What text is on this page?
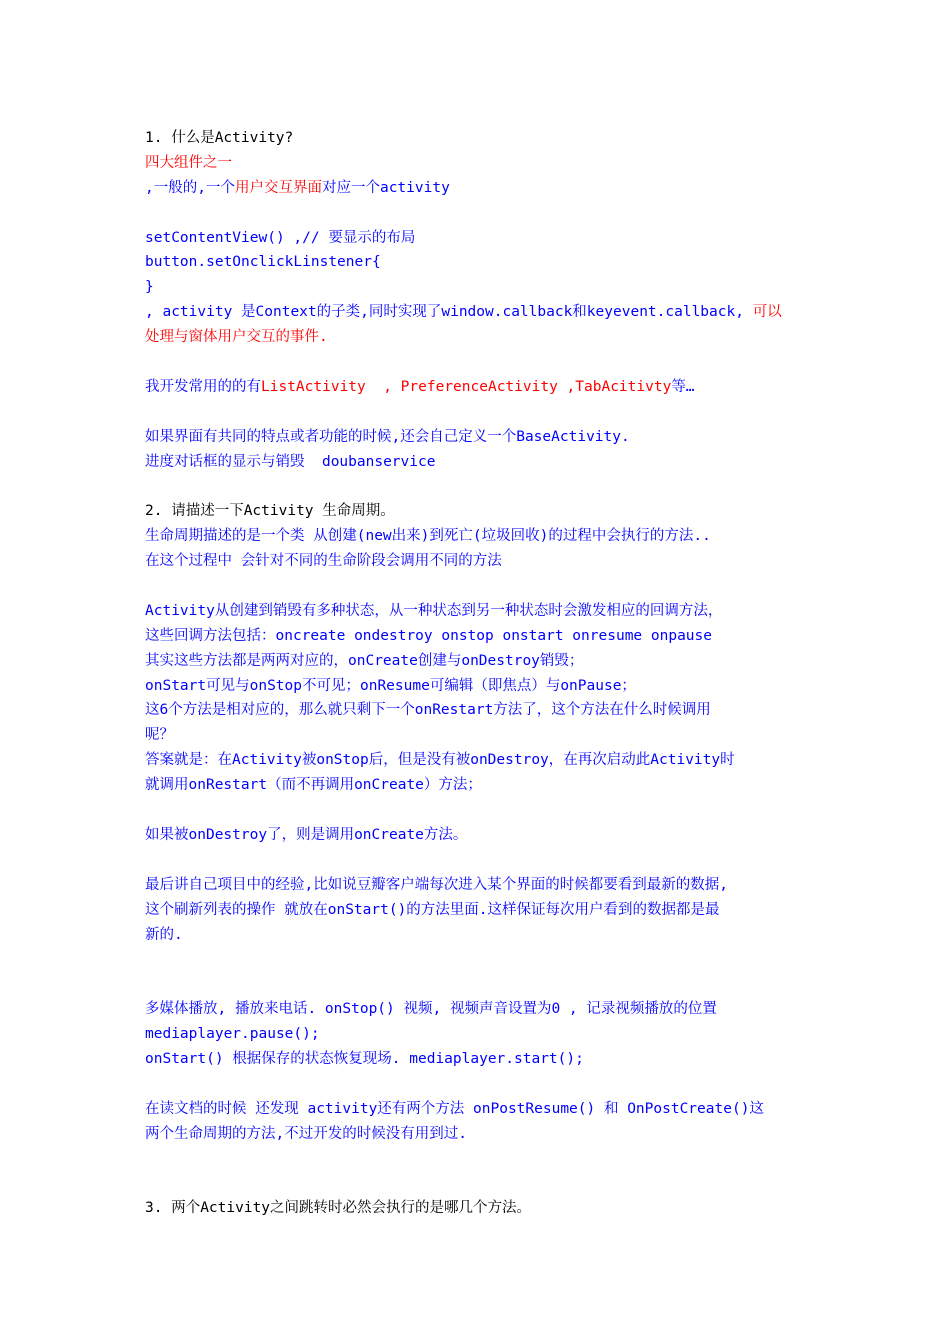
1. 什么是Activity?
四大组件之一
,一般的,一个用户交互界面对应一个activity
setContentView() ,// 要显示的布局
button.setOnclickLinstener{
}
, activity 是Context的子类,同时实现了window.callback和keyevent.callback, 可以
处理与窗体用户交互的事件.
我开发常用的的有ListActivity  , PreferenceActivity ,TabAcitivty等…
如果界面有共同的特点或者功能的时候,还会自己定义一个BaseActivity.
进度对话框的显示与销毁  doubanservice
2. 请描述一下Activity 生命周期。
生命周期描述的是一个类 从创建(new出来)到死亡(垃圾回收)的过程中会执行的方法..
在这个过程中 会针对不同的生命阶段会调用不同的方法
Activity从创建到销毁有多种状态，从一种状态到另一种状态时会激发相应的回调方法，
这些回调方法包括：oncreate ondestroy onstop onstart onresume onpause
其实这些方法都是两两对应的，onCreate创建与onDestroy销毁；
onStart可见与onStop不可见；onResume可编辑（即焦点）与onPause；
这6个方法是相对应的，那么就只剩下一个onRestart方法了，这个方法在什么时候调用
呢？
答案就是：在Activity被onStop后，但是没有被onDestroy，在再次启动此Activity时
就调用onRestart（而不再调用onCreate）方法；
如果被onDestroy了，则是调用onCreate方法。
最后讲自己项目中的经验,比如说豆瓣客户端每次进入某个界面的时候都要看到最新的数据,
这个刷新列表的操作 就放在onStart()的方法里面.这样保证每次用户看到的数据都是最
新的.
多媒体播放, 播放来电话. onStop() 视频, 视频声音设置为0 , 记录视频播放的位置
mediaplayer.pause();
onStart() 根据保存的状态恢复现场. mediaplayer.start();
在读文档的时候 还发现 activity还有两个方法 onPostResume() 和 OnPostCreate()这
两个生命周期的方法,不过开发的时候没有用到过.
3. 两个Activity之间跳转时必然会执行的是哪几个方法。
